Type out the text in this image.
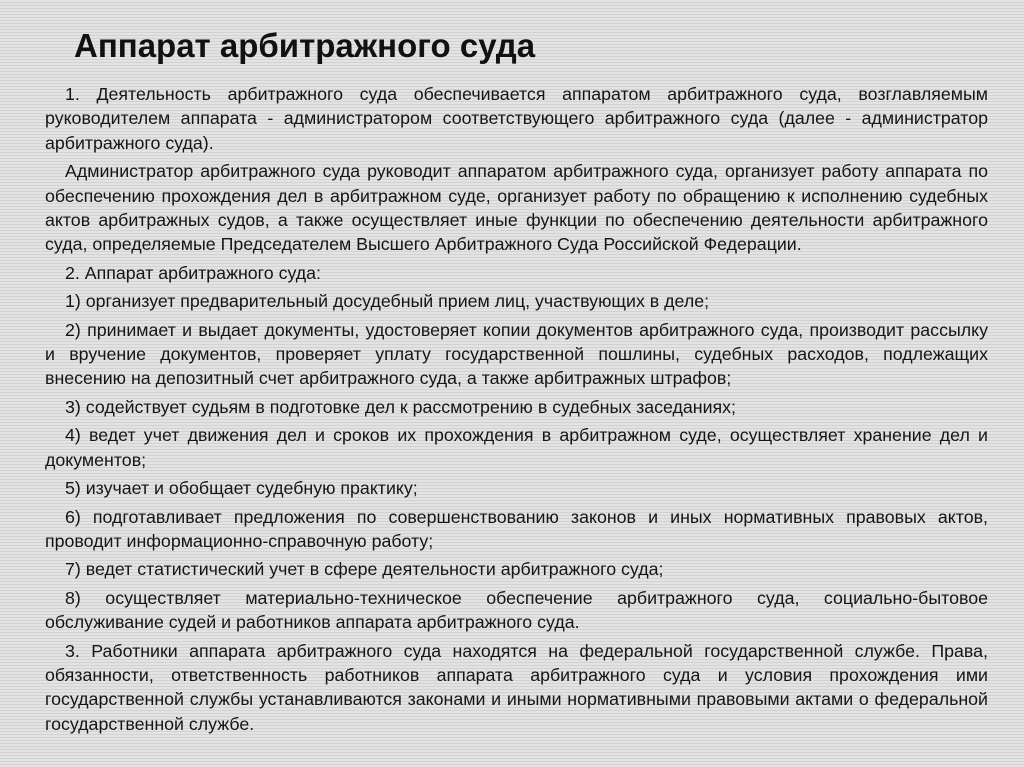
Аппарат арбитражного суда

1. Деятельность арбитражного суда обеспечивается аппаратом арбитражного суда, возглавляемым руководителем аппарата - администратором соответствующего арбитражного суда (далее - администратор арбитражного суда).

Администратор арбитражного суда руководит аппаратом арбитражного суда, организует работу аппарата по обеспечению прохождения дел в арбитражном суде, организует работу по обращению к исполнению судебных актов арбитражных судов, а также осуществляет иные функции по обеспечению деятельности арбитражного суда, определяемые Председателем Высшего Арбитражного Суда Российской Федерации.

2. Аппарат арбитражного суда:

1) организует предварительный досудебный прием лиц, участвующих в деле;

2) принимает и выдает документы, удостоверяет копии документов арбитражного суда, производит рассылку и вручение документов, проверяет уплату государственной пошлины, судебных расходов, подлежащих внесению на депозитный счет арбитражного суда, а также арбитражных штрафов;

3) содействует судьям в подготовке дел к рассмотрению в судебных заседаниях;

4) ведет учет движения дел и сроков их прохождения в арбитражном суде, осуществляет хранение дел и документов;

5) изучает и обобщает судебную практику;

6) подготавливает предложения по совершенствованию законов и иных нормативных правовых актов, проводит информационно-справочную работу;

7) ведет статистический учет в сфере деятельности арбитражного суда;

8) осуществляет материально-техническое обеспечение арбитражного суда, социально-бытовое обслуживание судей и работников аппарата арбитражного суда.

3. Работники аппарата арбитражного суда находятся на федеральной государственной службе. Права, обязанности, ответственность работников аппарата арбитражного суда и условия прохождения ими государственной службы устанавливаются законами и иными нормативными правовыми актами о федеральной государственной службе.
